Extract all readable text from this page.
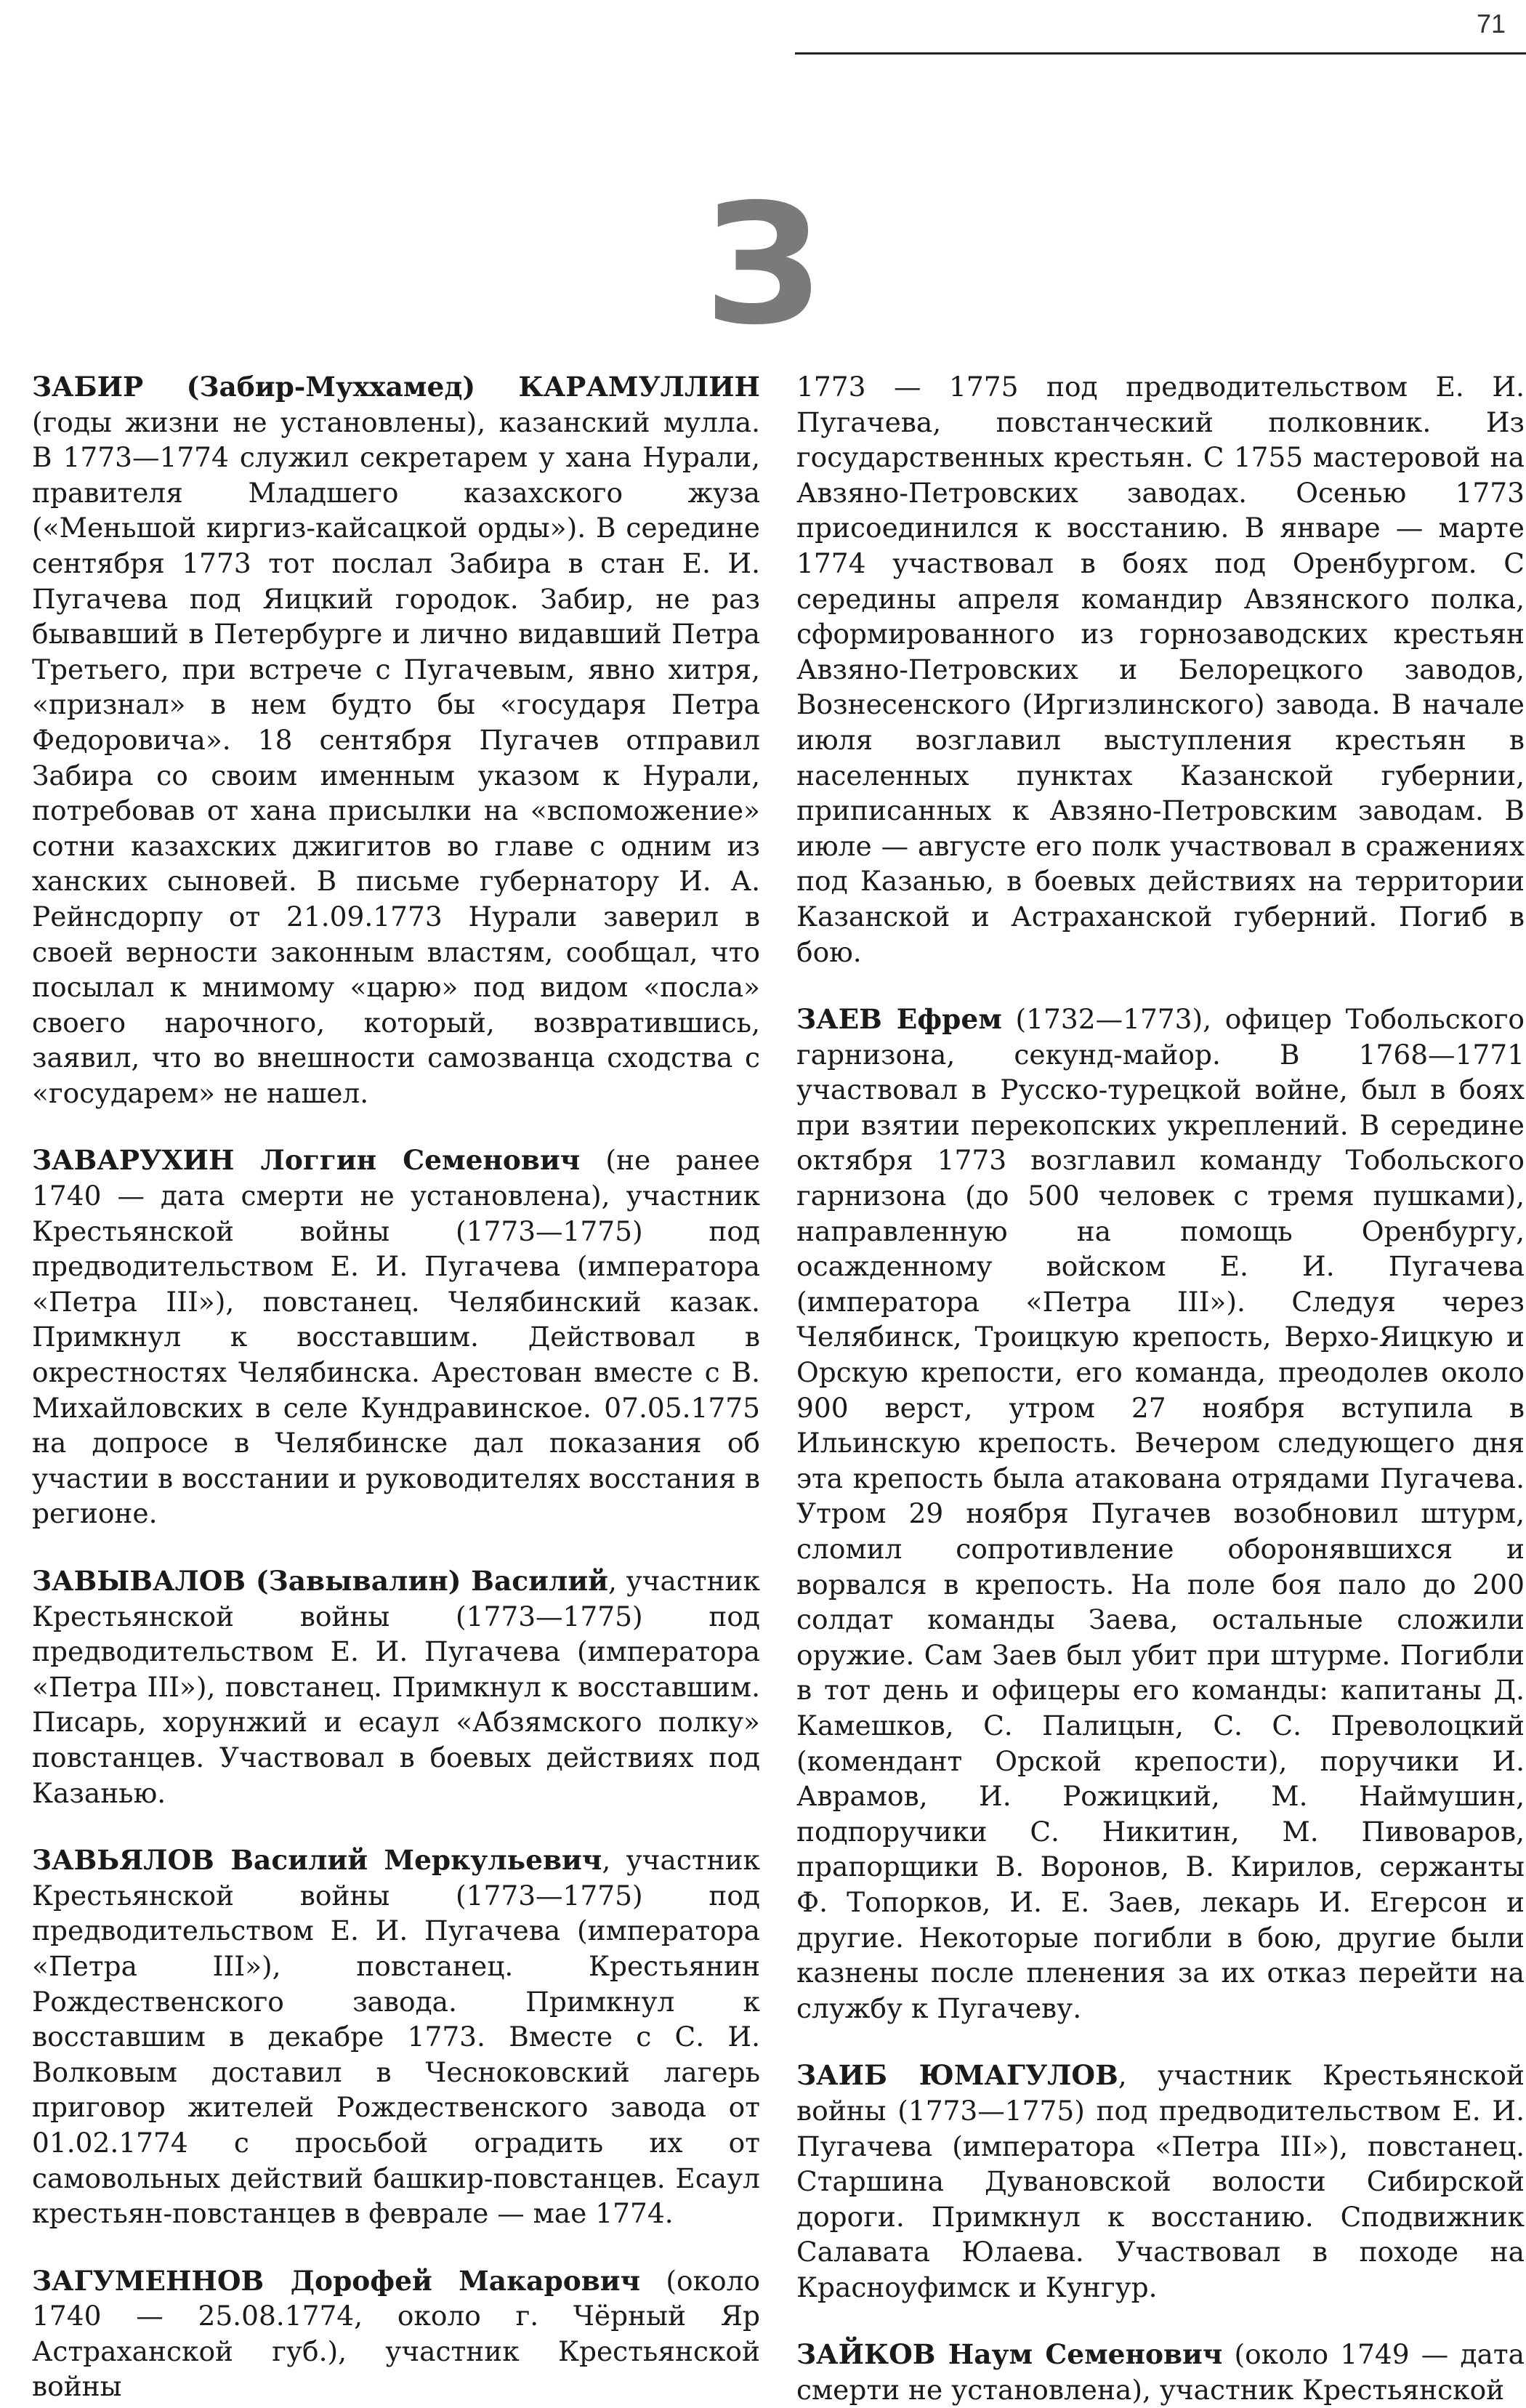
71
З

ЗАБИР (Забир-Муххамед) КАРАМУЛЛИН (годы жизни не установлены), казанский мулла. В 1773—1774 служил секретарем у хана Нурали, правителя Младшего казахского жуза («Меньшой киргиз-кайсацкой орды»). В середине сентября 1773 тот послал Забира в стан Е. И. Пугачева под Яицкий городок. Забир, не раз бывавший в Петербурге и лично видавший Петра Третьего, при встрече с Пугачевым, явно хитря, «признал» в нем будто бы «государя Петра Федоровича». 18 сентября Пугачев отправил Забира со своим именным указом к Нурали, потребовав от хана присылки на «вспоможение» сотни казахских джигитов во главе с одним из ханских сыновей. В письме губернатору И. А. Рейнсдорпу от 21.09.1773 Нурали заверил в своей верности законным властям, сообщал, что посылал к мнимому «царю» под видом «посла» своего нарочного, который, возвратившись, заявил, что во внешности самозванца сходства с «государем» не нашел.

ЗАВАРУХИН Логгин Семенович (не ранее 1740 — дата смерти не установлена), участник Крестьянской войны (1773—1775) под предводительством Е. И. Пугачева (императора «Петра III»), повстанец. Челябинский казак. Примкнул к восставшим. Действовал в окрестностях Челябинска. Арестован вместе с В. Михайловских в селе Кундравинское. 07.05.1775 на допросе в Челябинске дал показания об участии в восстании и руководителях восстания в регионе.

ЗАВЫВАЛОВ (Завывалин) Василий, участник Крестьянской войны (1773—1775) под предводительством Е. И. Пугачева (императора «Петра III»), повстанец. Примкнул к восставшим. Писарь, хорунжий и есаул «Абзямского полку» повстанцев. Участвовал в боевых действиях под Казанью.

ЗАВЬЯЛОВ Василий Меркульевич, участник Крестьянской войны (1773—1775) под предводительством Е. И. Пугачева (императора «Петра III»), повстанец. Крестьянин Рождественского завода. Примкнул к восставшим в декабре 1773. Вместе с С. И. Волковым доставил в Чесноковский лагерь приговор жителей Рождественского завода от 01.02.1774 с просьбой оградить их от самовольных действий башкир-повстанцев. Есаул крестьян-повстанцев в феврале — мае 1774.

ЗАГУМЕННОВ Дорофей Макарович (около 1740 — 25.08.1774, около г. Чёрный Яр Астраханской губ.), участник Крестьянской войны

1773 — 1775 под предводительством Е. И. Пугачева, повстанческий полковник. Из государственных крестьян. С 1755 мастеровой на Авзяно-Петровских заводах. Осенью 1773 присоединился к восстанию. В январе — марте 1774 участвовал в боях под Оренбургом. С середины апреля командир Авзянского полка, сформированного из горнозаводских крестьян Авзяно-Петровских и Белорецкого заводов, Вознесенского (Иргизлинского) завода. В начале июля возглавил выступления крестьян в населенных пунктах Казанской губернии, приписанных к Авзяно-Петровским заводам. В июле — августе его полк участвовал в сражениях под Казанью, в боевых действиях на территории Казанской и Астраханской губерний. Погиб в бою.

ЗАЕВ Ефрем (1732—1773), офицер Тобольского гарнизона, секунд-майор. В 1768—1771 участвовал в Русско-турецкой войне, был в боях при взятии перекопских укреплений. В середине октября 1773 возглавил команду Тобольского гарнизона (до 500 человек с тремя пушками), направленную на помощь Оренбургу, осажденному войском Е. И. Пугачева (императора «Петра III»). Следуя через Челябинск, Троицкую крепость, Верхо-Яицкую и Орскую крепости, его команда, преодолев около 900 верст, утром 27 ноября вступила в Ильинскую крепость. Вечером следующего дня эта крепость была атакована отрядами Пугачева. Утром 29 ноября Пугачев возобновил штурм, сломил сопротивление оборонявшихся и ворвался в крепость. На поле боя пало до 200 солдат команды Заева, остальные сложили оружие. Сам Заев был убит при штурме. Погибли в тот день и офицеры его команды: капитаны Д. Камешков, С. Палицын, С. С. Преволоцкий (комендант Орской крепости), поручики И. Аврамов, И. Рожицкий, М. Наймушин, подпоручики С. Никитин, М. Пивоваров, прапорщики В. Воронов, В. Кирилов, сержанты Ф. Топорков, И. Е. Заев, лекарь И. Егерсон и другие. Некоторые погибли в бою, другие были казнены после пленения за их отказ перейти на службу к Пугачеву.

ЗАИБ ЮМАГУЛОВ, участник Крестьянской войны (1773—1775) под предводительством Е. И. Пугачева (императора «Петра III»), повстанец. Старшина Дувановской волости Сибирской дороги. Примкнул к восстанию. Сподвижник Салавата Юлаева. Участвовал в походе на Красноуфимск и Кунгур.

ЗАЙКОВ Наум Семенович (около 1749 — дата смерти не установлена), участник Крестьянской
